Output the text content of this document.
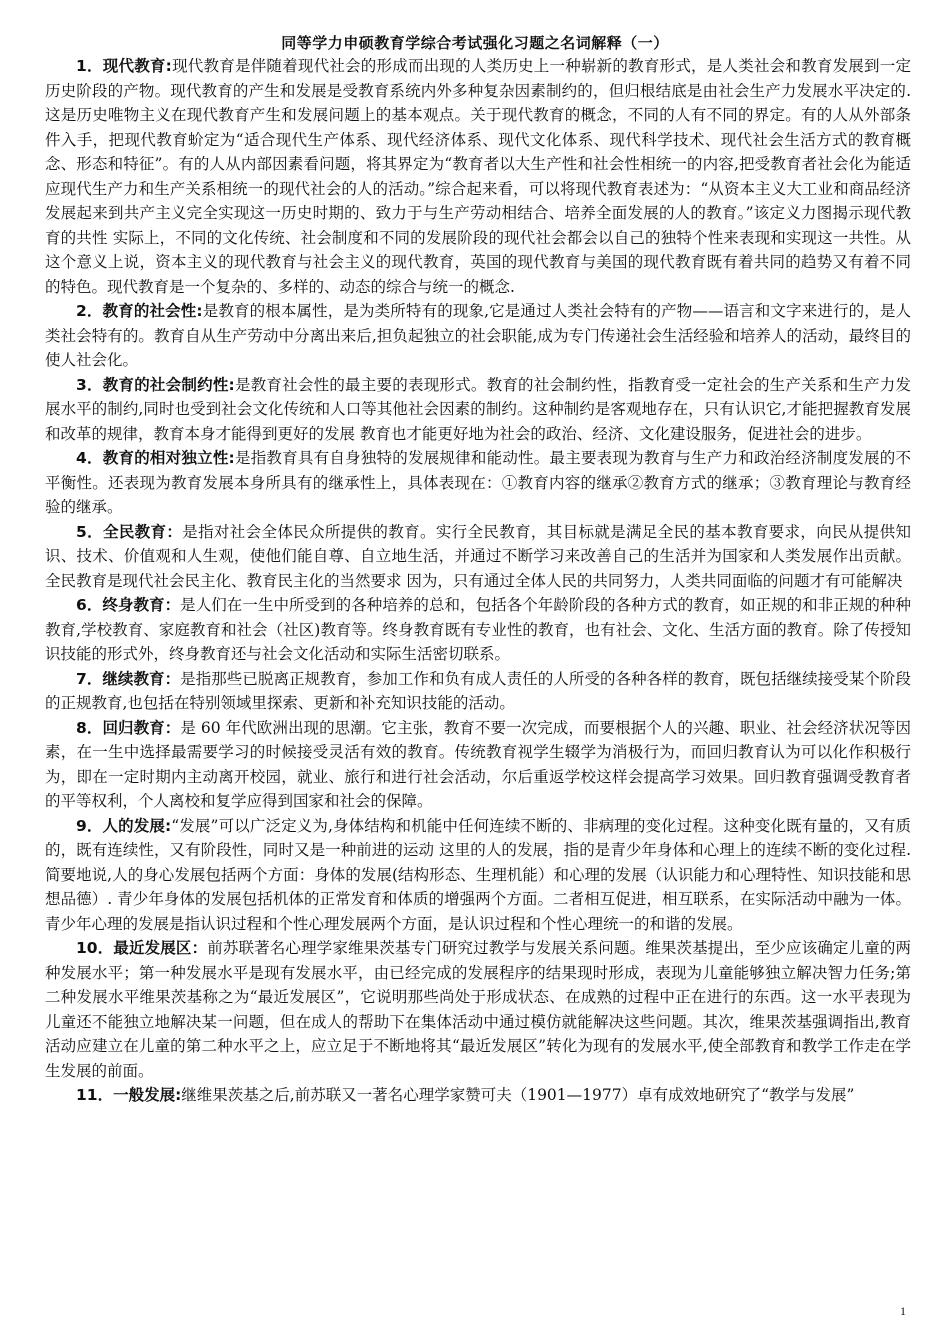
同等学力申硕教育学综合考试强化习题之名词解释（一）

1．现代教育:现代教育是伴随着现代社会的形成而出现的人类历史上一种崭新的教育形式，是人类社会和教育发展到一定历史阶段的产物。现代教育的产生和发展是受教育系统内外多种复杂因素制约的，但归根结底是由社会生产力发展水平决定的. 这是历史唯物主义在现代教育产生和发展问题上的基本观点。关于现代教育的概念，不同的人有不同的界定。有的人从外部条件入手，把现代教育蚧定为“适合现代生产体系、现代经济体系、现代文化体系、现代科学技术、现代社会生活方式的教育概念、形态和特征”。有的人从内部因素看问题，将其界定为“教育者以大生产性和社会性相统一的内容,把受教育者社会化为能适应现代生产力和生产关系相统一的现代社会的人的活动。”综合起来看，可以将现代教育表述为：“从资本主义大工业和商品经济发展起来到共产主义完全实现这一历史时期的、致力于与生产劳动相结合、培养全面发展的人的教育。”该定义力图揭示现代教育的共性 实际上，不同的文化传统、社会制度和不同的发展阶段的现代社会都会以自己的独特个性来表现和实现这一共性。从这个意义上说，资本主义的现代教育与社会主义的现代教育，英国的现代教育与美国的现代教育既有着共同的趋势又有着不同的特色。现代教育是一个复杂的、多样的、动态的综合与统一的概念.

2．教育的社会性:是教育的根本属性，是为类所特有的现象,它是通过人类社会特有的产物——语言和文字来进行的，是人类社会特有的。教育自从生产劳动中分离出来后,担负起独立的社会职能,成为专门传递社会生活经验和培养人的活动，最终目的使人社会化。

3．教育的社会制约性:是教育社会性的最主要的表现形式。教育的社会制约性，指教育受一定社会的生产关系和生产力发展水平的制约,同时也受到社会文化传统和人口等其他社会因素的制约。这种制约是客观地存在，只有认识它,才能把握教育发展和改革的规律，教育本身才能得到更好的发展 教育也才能更好地为社会的政治、经济、文化建设服务，促进社会的进步。

4．教育的相对独立性:是指教育具有自身独特的发展规律和能动性。最主要表现为教育与生产力和政治经济制度发展的不平衡性。还表现为教育发展本身所具有的继承性上，具体表现在：①教育内容的继承②教育方式的继承；③教育理论与教育经验的继承。

5．全民教育：是指对社会全体民众所提供的教育。实行全民教育，其目标就是满足全民的基本教育要求，向民从提供知识、技术、价值观和人生观，使他们能自尊、自立地生活，并通过不断学习来改善自己的生活并为国家和人类发展作出贡献。全民教育是现代社会民主化、教育民主化的当然要求 因为，只有通过全体人民的共同努力，人类共同面临的问题才有可能解决

6．终身教育：是人们在一生中所受到的各种培养的总和，包括各个年龄阶段的各种方式的教育，如正规的和非正规的种种教育,学校教育、家庭教育和社会（社区)教育等。终身教育既有专业性的教育，也有社会、文化、生活方面的教育。除了传授知识技能的形式外，终身教育还与社会文化活动和实际生活密切联系。

7．继续教育：是指那些已脱离正规教育，参加工作和负有成人责任的人所受的各种各样的教育，既包括继续接受某个阶段的正规教育,也包括在特别领域里探索、更新和补充知识技能的活动。

8．回归教育：是 60 年代欧洲出现的思潮。它主张，教育不要一次完成，而要根据个人的兴趣、职业、社会经济状况等因素，在一生中选择最需要学习的时候接受灵活有效的教育。传统教育视学生辍学为消极行为，而回归教育认为可以化作积极行为，即在一定时期内主动离开校园，就业、旅行和进行社会活动，尔后重返学校这样会提高学习效果。回归教育强调受教育者的平等权利，个人离校和复学应得到国家和社会的保障。

9．人的发展:“发展”可以广泛定义为,身体结构和机能中任何连续不断的、非病理的变化过程。这种变化既有量的，又有质的，既有连续性，又有阶段性，同时又是一种前进的运动 这里的人的发展，指的是青少年身体和心理上的连续不断的变化过程. 简要地说,人的身心发展包括两个方面：身体的发展(结构形态、生理机能）和心理的发展（认识能力和心理特性、知识技能和思想品德）. 青少年身体的发展包括机体的正常发育和体质的增强两个方面。二者相互促进，相互联系，在实际活动中融为一体。青少年心理的发展是指认识过程和个性心理发展两个方面，是认识过程和个性心理统一的和谐的发展。

10．最近发展区：前苏联著名心理学家维果茨基专门研究过教学与发展关系问题。维果茨基提出，至少应该确定儿童的两种发展水平；第一种发展水平是现有发展水平，由已经完成的发展程序的结果现时形成，表现为儿童能够独立解决智力任务;第二种发展水平维果茨基称之为“最近发展区”，它说明那些尚处于形成状态、在成熟的过程中正在进行的东西。这一水平表现为儿童还不能独立地解决某一问题，但在成人的帮助下在集体活动中通过模仿就能解决这些问题。其次，维果茨基强调指出,教育活动应建立在儿童的第二种水平之上，应立足于不断地将其“最近发展区”转化为现有的发展水平,使全部教育和教学工作走在学生发展的前面。

11．一般发展:继维果茨基之后,前苏联又一著名心理学家赞可夫（1901—1977）卓有成效地研究了“教学与发展”

1
